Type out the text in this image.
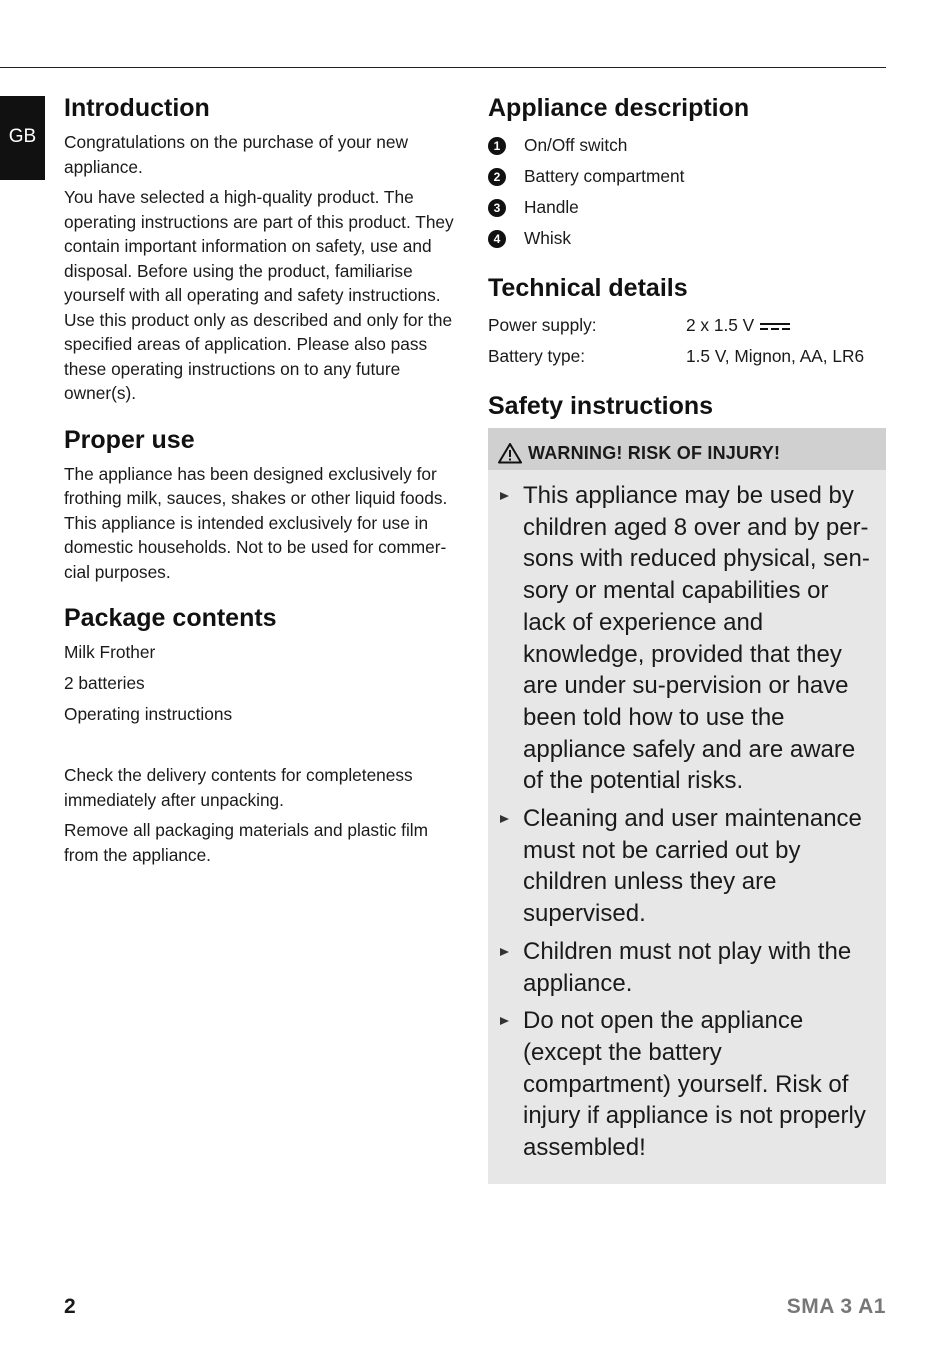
GB
Introduction

Congratulations on the purchase of your new appliance.

You have selected a high-quality product. The operating instructions are part of this product. They contain important information on safety, use and disposal. Before using the product, familiarise yourself with all operating and safety instructions. Use this product only as described and only for the specified areas of application. Please also pass these operating instructions on to any future owner(s).

Proper use

The appliance has been designed exclusively for frothing milk, sauces, shakes or other liquid foods. This appliance is intended exclusively for use in domestic households. Not to be used for commer-cial purposes.

Package contents

Milk Frother

2 batteries

Operating instructions

Check the delivery contents for completeness immediately after unpacking.

Remove all packaging materials and plastic film from the appliance.

Appliance description
1	On/Off switch
2	Battery compartment
3	Handle
4	Whisk
Technical details
Power supply:	2 x 1.5 V
Battery type:	1.5 V, Mignon, AA, LR6
Safety instructions
WARNING! RISK OF INJURY!
This appliance may be used by children aged 8 over and by per-sons with reduced physical, sen-sory or mental capabilities or lack of experience and knowledge, provided that they are under su-pervision or have been told how to use the appliance safely and are aware of the potential risks.
Cleaning and user maintenance must not be carried out by children unless they are supervised.
Children must not play with the appliance.
Do not open the appliance (except the battery compartment) yourself. Risk of injury if appliance is not properly assembled!
2	SMA 3 A1
